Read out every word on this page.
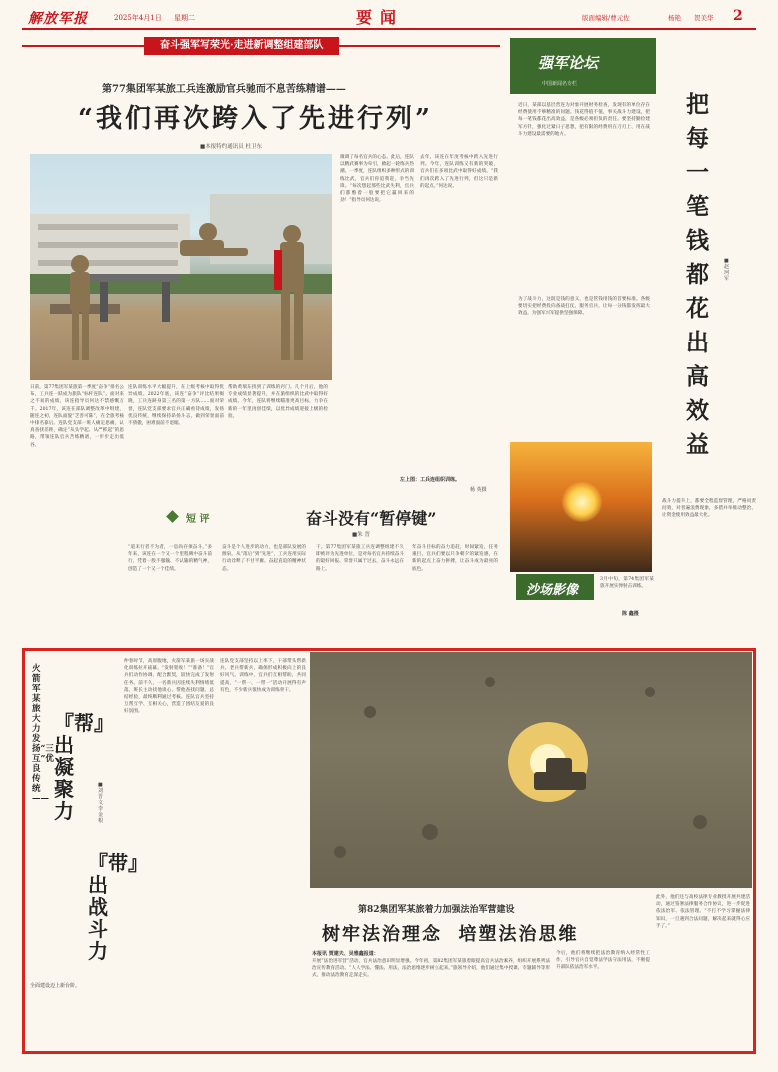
解放军报	2025年4月1日 星期二	要闻	版面编辑/曹元佐	杨艳 贺美华 2
奋斗强军写荣光·走进新调整组建部队
第77集团军某旅工兵连激励官兵驰而不息苦练精谱——
“我们再次跨入了先进行列”
■本报特约通讯员 杜卫东
日前，第77集团军某旅第一季度“奋争”排名公布，工兵连一跃成为旅队“标杆连队”。面对来之不易的成绩，该连指导员何达不禁感慨万千。2017年，该连在部队调整改革中组建，随连之初，连队面貌“乏善可陈”，在全旅考核中排名靠后。连队党支部一班人痛定思痛，认真查找差距，确定“从头学起、从严抓起”的思路，带领连队官兵苦练精谱，一步步走出低谷。
连队训练水平大幅提升，在上级考核中取得优异成绩。2022年底，该连“奋争”评比结果揭晓，工兵连跻身第三名的第一方队……面对荣誉，连队党支部要求官兵正确看待成绩，发扬优良传统，继续保持昂扬斗志，做到荣誉面前不骄傲，困难面前不退缩。
帮助黄瑞东找到了训练的窍门。几个月后，他的专业成绩显著提升，并在旅组织的比武中取得好成绩。今年，连队将继续瞄准更高目标，力争在新的一年里再创佳绩，以优异成绩迎接上级的检验。
微调了每名官兵的心态。此后，连队以精武赛事为牵引，掀起一轮练兵热潮。一季度，连队组织多种形式的训练比武，官兵们你追我赶，争当先锋。“每次想起那些比武失利，官兵们都憋着一股要把它赢回来的劲！”指导员何达说。
去年，该连在年度考核中跨入先进行列。今年，连队训练又有新的突破，官兵们在多项比武中取得好成绩。“我们再次跨入了先进行列，但这只是新的起点。”何达说。
左上图：工兵连组织训练。
杨 英摄
短 评	奋斗没有“暂停键”
■朱 晋
“道未行者不为者，一息尚存须奋斗。”多年来，该连在一个又一个里程碑中奋斗前行，凭着一股不服输、不认输的精气神，创造了一个又一个佳绩。
奋斗是个人进步的动力，也是部队发展的源泉。从“落后”到“先进”，工兵连用实际行动诠释了不甘平庸、奋起直追的精神状态。
干。第77集团军某旅工兵连调整组建不久即被评为先进单位，是对每名官兵持续奋斗的最好回报。荣誉只属于过去，奋斗永远在路上。
年奋斗目标的奋力追赶，时间紧迫，任务艰巨。官兵们要以只争朝夕的紧迫感，在新的起点上奋力拼搏，让奋斗成为最亮的底色。
强军论坛
中国新闻名专栏
把每一笔钱都花出高效益
■赵珂军
近日，某部以基层营连为对象开展财务检查，发现有的单位存在经费使用不够精准的问题。钱花得值不值，事关战斗力建设。把每一笔钱都花出高效益，是各级必须担负的责任。要坚持勤俭建军方针，强化过紧日子思想，把有限的经费用在刀刃上、用在战斗力建设最需要的地方。
为了战斗力，这既是钱的意义，也是管钱用钱的首要标准。各级要切实把经费投向备战打仗、服务官兵，让每一分钱都发挥最大效益，为强军兴军提供坚强保障。
战斗力提升上，都要全程监督管理，严格问责问效，对普遍浪费现象，多措并举推动整治，让资金使用效益最大化。
沙场影像
3月中旬，第74集团军某旅开展实弹射击训练。
陈 鑫摄
火箭军某旅大力发扬“三互”优良传统——
『帮』出凝聚力
『带』出战斗力
■刘晋文 李金根
仲春时节，高原腹地，火箭军某旅一场实战化训练拉开战幕。“发射架收！”“准备！”官兵们动作协调、配合默契，较快完成了发射任务。前不久，一名新兵因连续失利情绪低落，班长主动找他谈心，帮他查找问题、总结经验，最终顺利通过考核。连队官兵坚持互帮互学、互相关心，营造了团结友爱的良好氛围。
连队党支部坚持以上率下，干部带头帮新兵、老兵帮新兵，确保形成积极向上的良好风气。训练中，官兵们互相帮助，共同提高，“一帮一、一带一”活动开展得有声有色，不少新兵很快成为训练骨干。
全面建设迈上新台阶。
此外，他们还与高校法律专业教授开展共建活动，通过签署法律服务合作协议，进一步促进依法治军、依法管理。“不打不学习掌握法律知识，一旦遇到合法问题，解决起来就得心应手了。”
第82集团军某旅着力加强法治军营建设
树牢法治理念  培塑法治思维
本报讯 贾建夫、吴雅鑫报道：
开展“法治进军营”活动，官兵法治意识明显增强。今年初，第82集团军某旅着眼提高官兵法治素养，组织开展系列法治宣传教育活动。“人人学法、懂法、用法，法治思维逐步树立起来。”旅领导介绍，他们通过集中授课、专题辅导等形式，推动法治教育走深走实。
今后，他们将继续把法治教育纳入经常性工作，引导官兵自觉尊法学法守法用法，不断提升部队依法治军水平。
